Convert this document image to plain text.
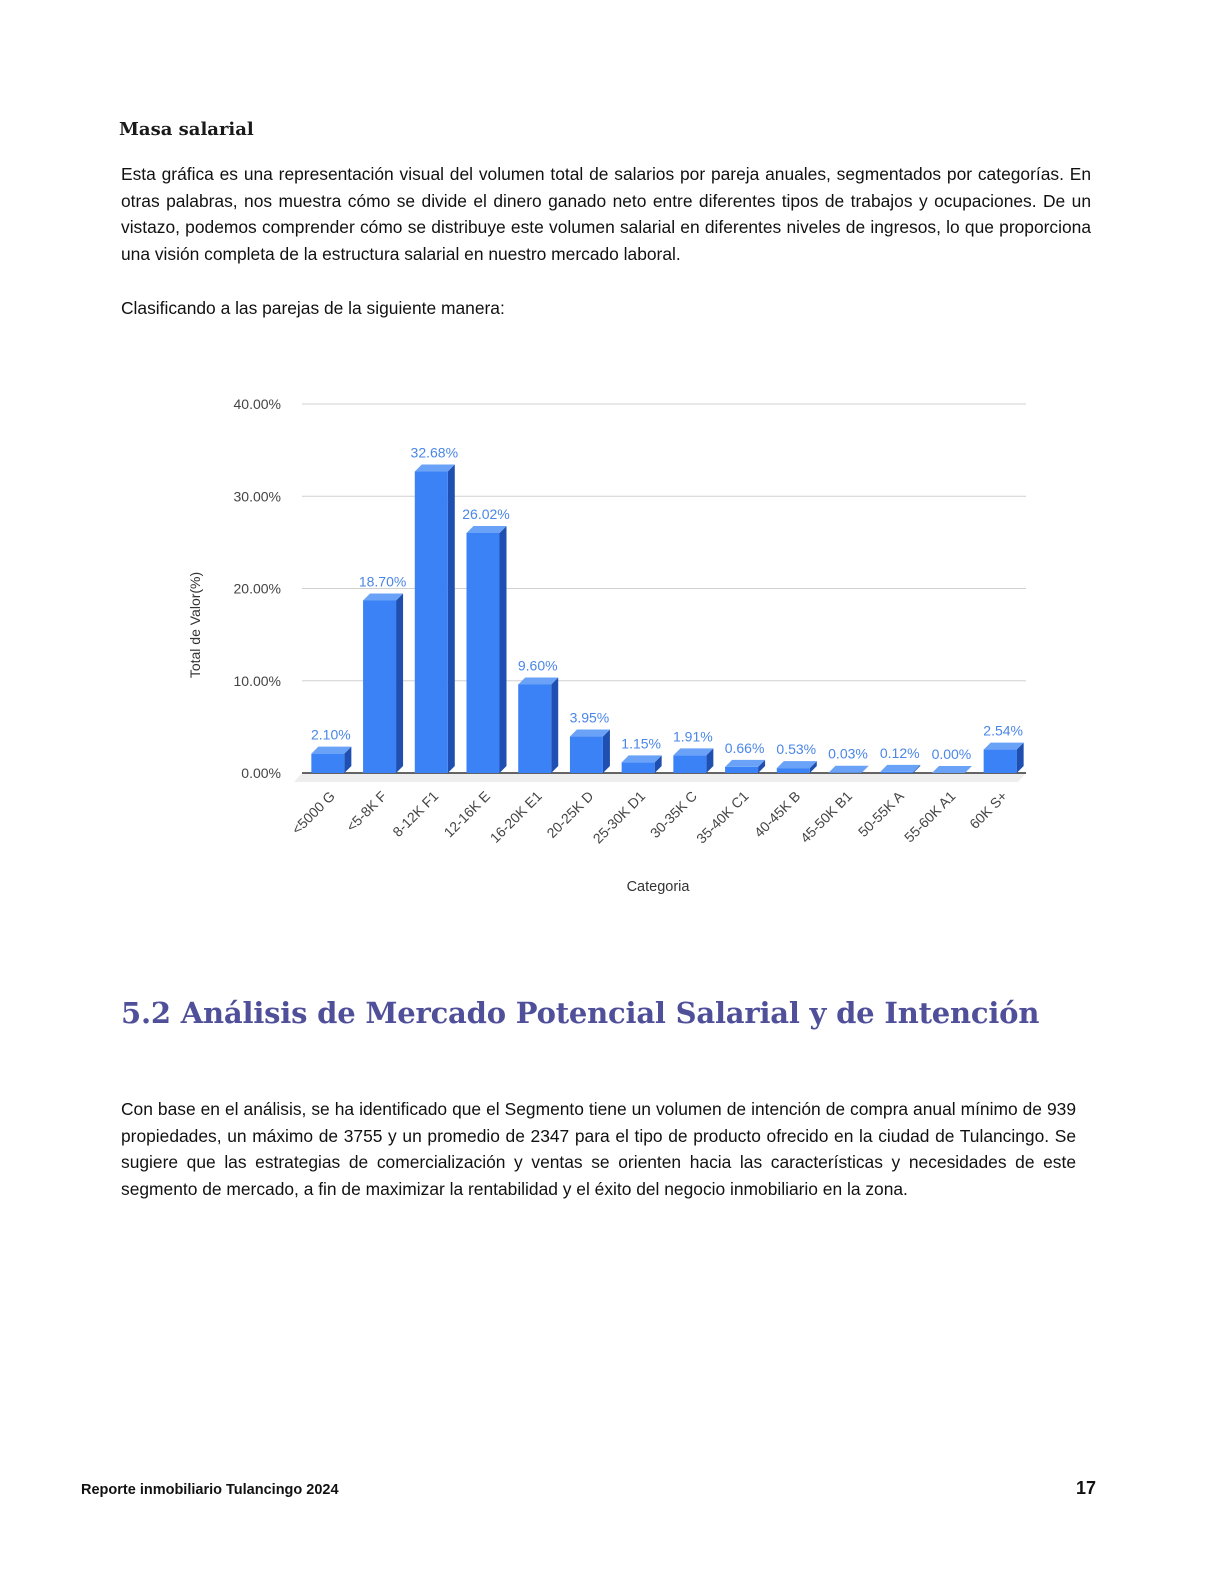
Masa salarial

Esta gráfica es una representación visual del volumen total de salarios por pareja anuales, segmentados por categorías. En otras palabras, nos muestra cómo se divide el dinero ganado neto entre diferentes tipos de trabajos y ocupaciones. De un vistazo, podemos comprender cómo se distribuye este volumen salarial en diferentes niveles de ingresos, lo que proporciona una visión completa de la estructura salarial en nuestro mercado laboral.

Clasificando a las parejas de la siguiente manera:

0.00%
10.00%
20.00%
30.00%
40.00%
2.10%
18.70%
32.68%
26.02%
9.60%
3.95%
1.15% 1.91%
0.66% 0.53% 0.03% 0.12% 0.00%
2.54%
<5000 G <5-8K F 8-12K F1 12-16K E
16-20K E1
20-25K D
25-30K D1
30-35K C
35-40K C1 40-45K B
45-50K B1 50-55K A
55-60K A1 60K S+
Total de Valor(%)
Categoria
5.2 Análisis de Mercado Potencial Salarial y de Intención

Con base en el análisis, se ha identificado que el Segmento tiene un volumen de intención de compra anual mínimo de 939 propiedades, un máximo de 3755 y un promedio de 2347 para el tipo de producto ofrecido en la ciudad de Tulancingo. Se sugiere que las estrategias de comercialización y ventas se orienten hacia las características y necesidades de este segmento de mercado, a fin de maximizar la rentabilidad y el éxito del negocio inmobiliario en la zona.

Reporte inmobiliario Tulancingo 2024	17
